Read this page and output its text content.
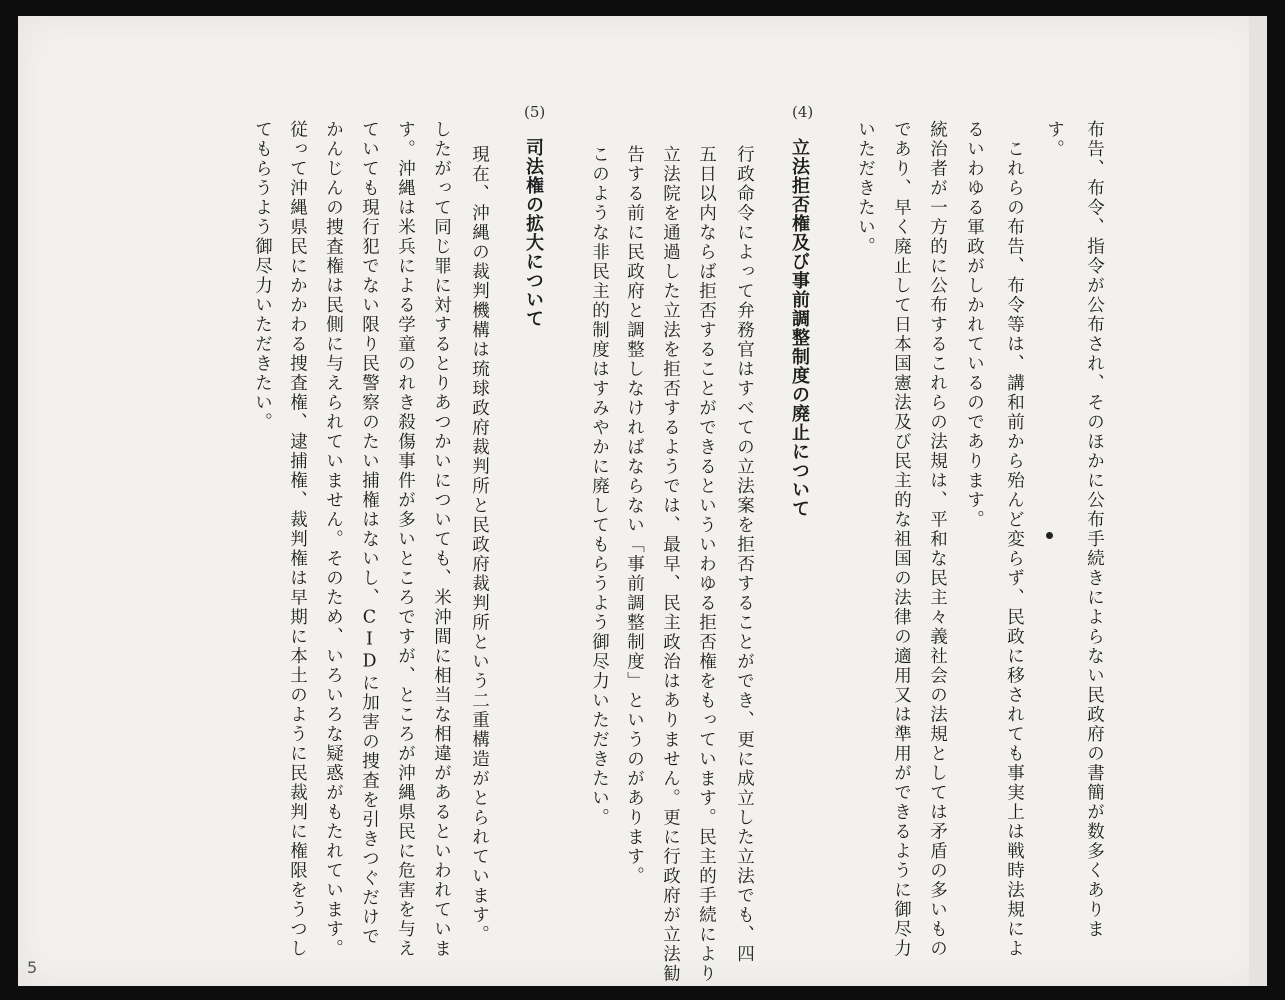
布告、布令、指令が公布され、そのほかに公布手続きによらない民政府の書簡が数多くありま
す。
　これらの布告、布令等は、講和前から殆んど変らず、民政に移されても事実上は戦時法規によ
るいわゆる軍政がしかれているのであります。
統治者が一方的に公布するこれらの法規は、平和な民主々義社会の法規としては矛盾の多いもの
であり、早く廃止して日本国憲法及び民主的な祖国の法律の適用又は準用ができるように御尽力
いただきたい。
(4)
立法拒否権及び事前調整制度の廃止について
行政命令によって弁務官はすべての立法案を拒否することができ、更に成立した立法でも、四
五日以内ならば拒否することができるといういわゆる拒否権をもっています。民主的手続により
立法院を通過した立法を拒否するようでは、最早、民主政治はありません。更に行政府が立法勧
告する前に民政府と調整しなければならない「事前調整制度」というのがあります。
このような非民主的制度はすみやかに廃してもらうよう御尽力いただきたい。
(5)
司法権の拡大について
現在、沖縄の裁判機構は琉球政府裁判所と民政府裁判所という二重構造がとられています。
したがって同じ罪に対するとりあつかいについても、米沖間に相当な相違があるといわれていま
す。沖縄は米兵による学童のれき殺傷事件が多いところですが、ところが沖縄県民に危害を与え
ていても現行犯でない限り民警察のたい捕権はないし、CIDに加害の捜査を引きつぐだけで
かんじんの捜査権は民側に与えられていません。そのため、いろいろな疑惑がもたれています。
従って沖縄県民にかかわる捜査権、逮捕権、裁判権は早期に本土のように民裁判に権限をうつし
てもらうよう御尽力いただきたい。
5
